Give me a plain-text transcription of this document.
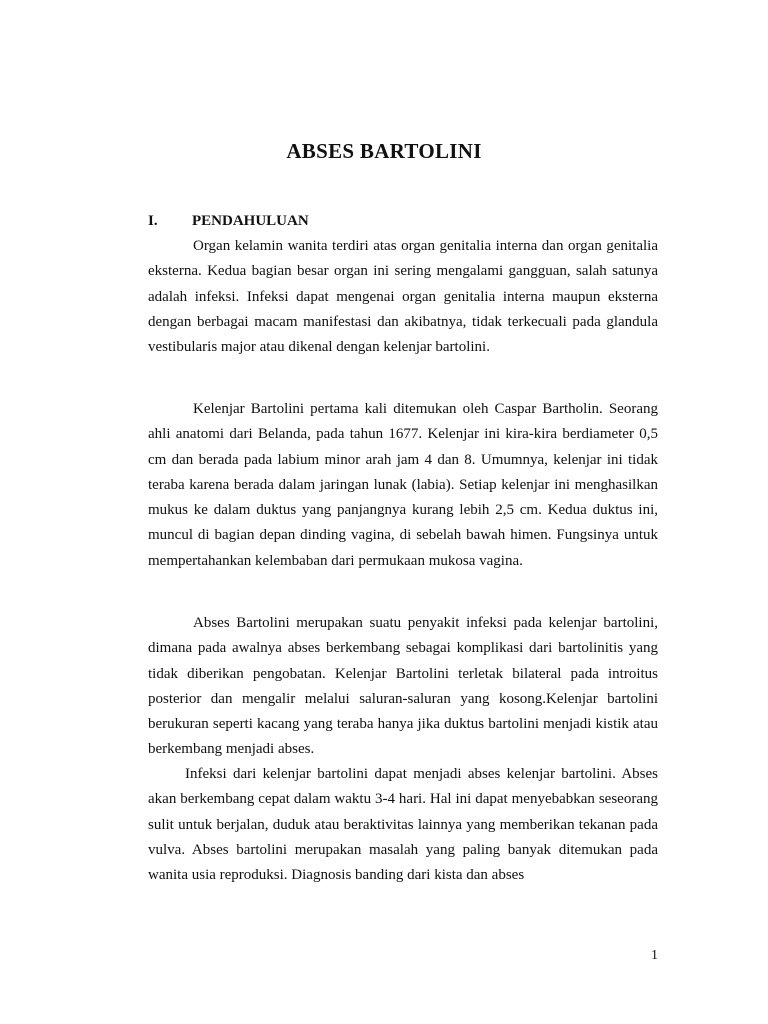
ABSES BARTOLINI
I. PENDAHULUAN

Organ kelamin wanita terdiri atas organ genitalia interna dan organ genitalia eksterna. Kedua bagian besar organ ini sering mengalami gangguan, salah satunya adalah infeksi. Infeksi dapat mengenai organ genitalia interna maupun eksterna dengan berbagai macam manifestasi dan akibatnya, tidak terkecuali pada glandula vestibularis major atau dikenal dengan kelenjar bartolini.

Kelenjar Bartolini pertama kali ditemukan oleh Caspar Bartholin. Seorang ahli anatomi dari Belanda, pada tahun 1677. Kelenjar ini kira-kira berdiameter 0,5 cm dan berada pada labium minor arah jam 4 dan 8. Umumnya, kelenjar ini tidak teraba karena berada dalam jaringan lunak (labia). Setiap kelenjar ini menghasilkan mukus ke dalam duktus yang panjangnya kurang lebih 2,5 cm. Kedua duktus ini, muncul di bagian depan dinding vagina, di sebelah bawah himen. Fungsinya untuk mempertahankan kelembaban dari permukaan mukosa vagina.

Abses Bartolini merupakan suatu penyakit infeksi pada kelenjar bartolini, dimana pada awalnya abses berkembang sebagai komplikasi dari bartolinitis yang tidak diberikan pengobatan. Kelenjar Bartolini terletak bilateral pada introitus posterior dan mengalir melalui saluran-saluran yang kosong.Kelenjar bartolini berukuran seperti kacang yang teraba hanya jika duktus bartolini menjadi kistik atau berkembang menjadi abses.

Infeksi dari kelenjar bartolini dapat menjadi abses kelenjar bartolini. Abses akan berkembang cepat dalam waktu 3-4 hari. Hal ini dapat menyebabkan seseorang sulit untuk berjalan, duduk atau beraktivitas lainnya yang memberikan tekanan pada vulva. Abses bartolini merupakan masalah yang paling banyak ditemukan pada wanita usia reproduksi. Diagnosis banding dari kista dan abses

1
